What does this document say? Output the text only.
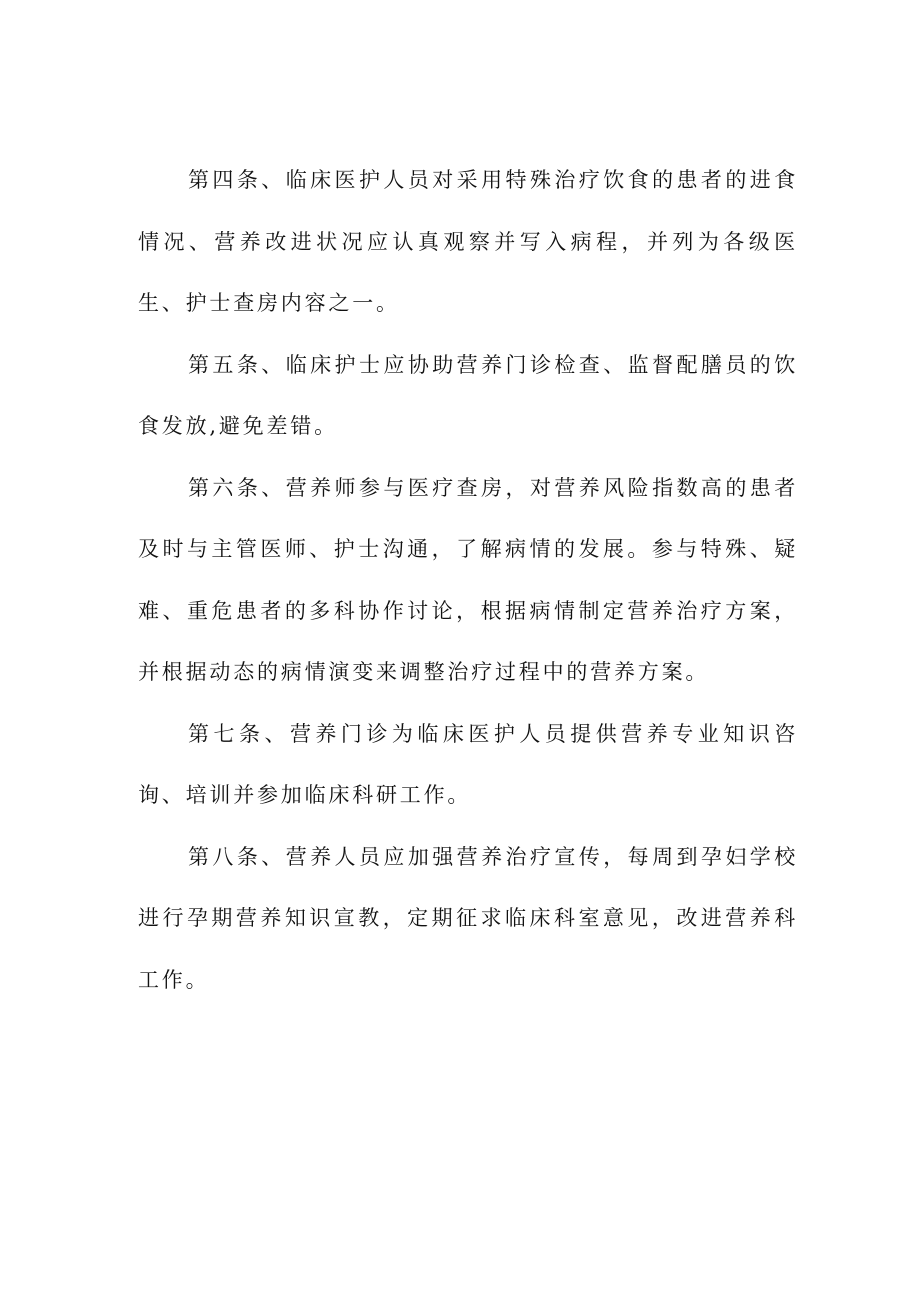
第四条、临床医护人员对采用特殊治疗饮食的患者的进食情况、营养改进状况应认真观察并写入病程，并列为各级医生、护士查房内容之一。

第五条、临床护士应协助营养门诊检查、监督配膳员的饮食发放,避免差错。

第六条、营养师参与医疗查房，对营养风险指数高的患者及时与主管医师、护士沟通，了解病情的发展。参与特殊、疑难、重危患者的多科协作讨论，根据病情制定营养治疗方案，并根据动态的病情演变来调整治疗过程中的营养方案。

第七条、营养门诊为临床医护人员提供营养专业知识咨询、培训并参加临床科研工作。

第八条、营养人员应加强营养治疗宣传，每周到孕妇学校进行孕期营养知识宣教，定期征求临床科室意见，改进营养科工作。
